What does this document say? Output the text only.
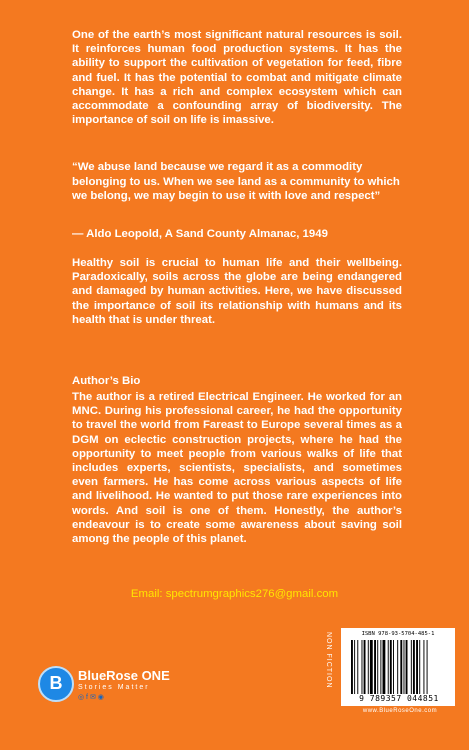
One of the earth’s most significant natural resources is soil. It reinforces human food production systems. It has the ability to support the cultivation of vegetation for feed, fibre and fuel. It has the potential to combat and mitigate climate change. It has a rich and complex ecosystem which can accommodate a confounding array of biodiversity. The importance of soil on life is imassive.

“We abuse land because we regard it as a commodity belonging to us. When we see land as a community to which we belong, we may begin to use it with love and respect”

— Aldo Leopold, A Sand County Almanac, 1949

Healthy soil is crucial to human life and their wellbeing. Paradoxically, soils across the globe are being endangered and damaged by human activities. Here, we have discussed the importance of soil its relationship with humans and its health that is under threat.

Author’s Bio

The author is a retired Electrical Engineer. He worked for an MNC. During his professional career, he had the opportunity to travel the world from Fareast to Europe several times as a DGM on eclectic construction projects, where he had the opportunity to meet people from various walks of life that includes experts, scientists, specialists, and sometimes even farmers. He has come across various aspects of life and livelihood. He wanted to put those rare experiences into words. And soil is one of them. Honestly, the author’s endeavour is to create some awareness about saving soil among the people of this planet.

Email: spectrumgraphics276@gmail.com
B	BlueRose ONE
Stories Matter
◎ f ✉ ◉
NON FICTION	ISBN 978-93-5704-485-1
9 789357 044851
www.BlueRoseOne.com
